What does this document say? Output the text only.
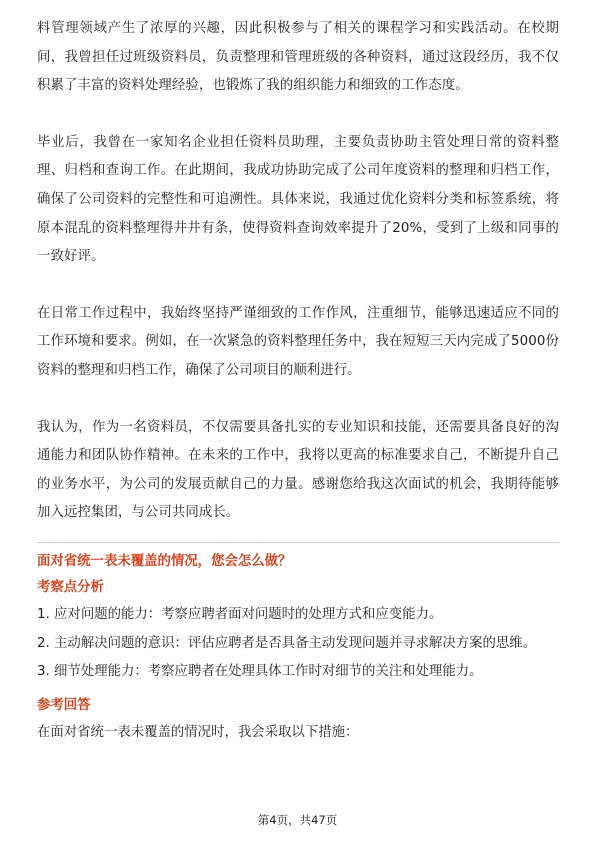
料管理领域产生了浓厚的兴趣，因此积极参与了相关的课程学习和实践活动。在校期间，我曾担任过班级资料员，负责整理和管理班级的各种资料，通过这段经历，我不仅积累了丰富的资料处理经验，也锻炼了我的组织能力和细致的工作态度。

毕业后，我曾在一家知名企业担任资料员助理，主要负责协助主管处理日常的资料整理、归档和查询工作。在此期间，我成功协助完成了公司年度资料的整理和归档工作，确保了公司资料的完整性和可追溯性。具体来说，我通过优化资料分类和标签系统，将原本混乱的资料整理得井井有条，使得资料查询效率提升了20%，受到了上级和同事的一致好评。

在日常工作过程中，我始终坚持严谨细致的工作作风，注重细节，能够迅速适应不同的工作环境和要求。例如，在一次紧急的资料整理任务中，我在短短三天内完成了5000份资料的整理和归档工作，确保了公司项目的顺利进行。

我认为，作为一名资料员，不仅需要具备扎实的专业知识和技能，还需要具备良好的沟通能力和团队协作精神。在未来的工作中，我将以更高的标准要求自己，不断提升自己的业务水平，为公司的发展贡献自己的力量。感谢您给我这次面试的机会，我期待能够加入远控集团，与公司共同成长。

面对省统一表未覆盖的情况，您会怎么做？

考察点分析

1. 应对问题的能力：考察应聘者面对问题时的处理方式和应变能力。

2. 主动解决问题的意识：评估应聘者是否具备主动发现问题并寻求解决方案的思维。

3. 细节处理能力：考察应聘者在处理具体工作时对细节的关注和处理能力。

参考回答

在面对省统一表未覆盖的情况时，我会采取以下措施：

第4页，共47页
